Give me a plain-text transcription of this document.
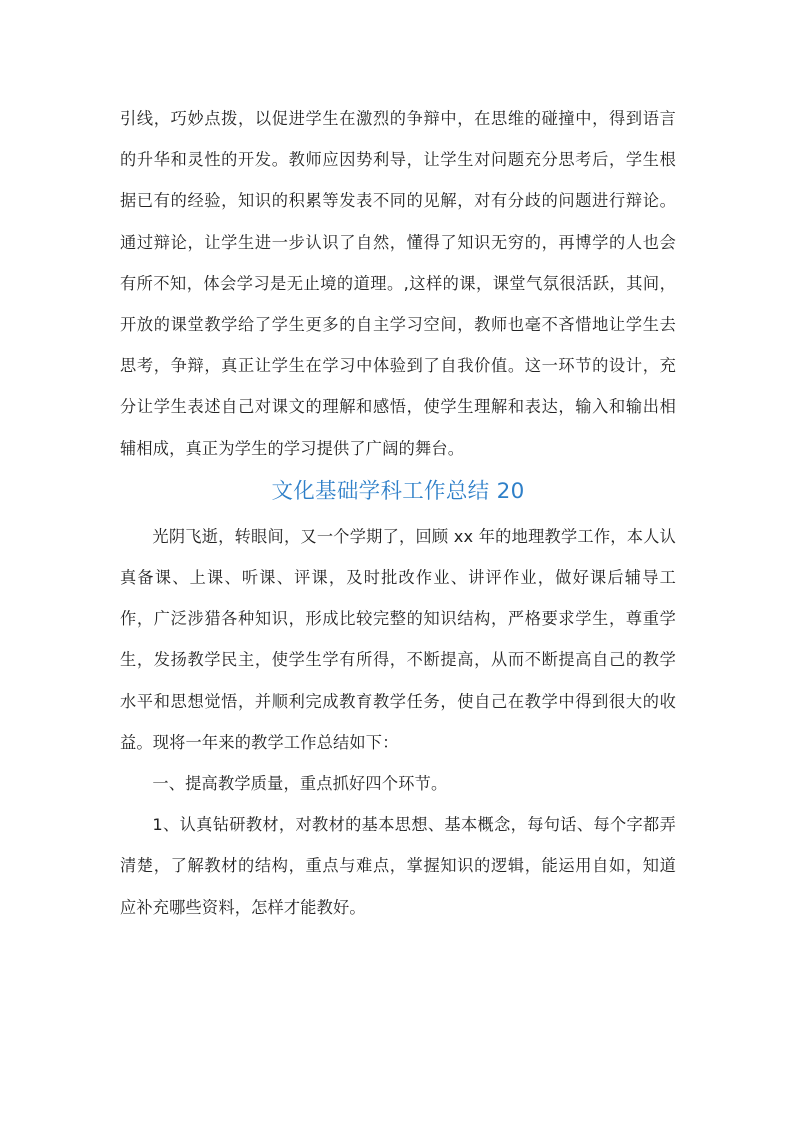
引线，巧妙点拨，以促进学生在激烈的争辩中，在思维的碰撞中，得到语言的升华和灵性的开发。教师应因势利导，让学生对问题充分思考后，学生根据已有的经验，知识的积累等发表不同的见解，对有分歧的问题进行辩论。通过辩论，让学生进一步认识了自然，懂得了知识无穷的，再博学的人也会有所不知，体会学习是无止境的道理。,这样的课，课堂气氛很活跃，其间，开放的课堂教学给了学生更多的自主学习空间，教师也毫不吝惜地让学生去思考，争辩，真正让学生在学习中体验到了自我价值。这一环节的设计，充分让学生表述自己对课文的理解和感悟，使学生理解和表达，输入和输出相辅相成，真正为学生的学习提供了广阔的舞台。

文化基础学科工作总结 20

光阴飞逝，转眼间，又一个学期了，回顾 xx 年的地理教学工作，本人认真备课、上课、听课、评课，及时批改作业、讲评作业，做好课后辅导工作，广泛涉猎各种知识，形成比较完整的知识结构，严格要求学生，尊重学生，发扬教学民主，使学生学有所得，不断提高，从而不断提高自己的教学水平和思想觉悟，并顺利完成教育教学任务，使自己在教学中得到很大的收益。现将一年来的教学工作总结如下：

一、提高教学质量，重点抓好四个环节。

1、认真钻研教材，对教材的基本思想、基本概念，每句话、每个字都弄清楚，了解教材的结构，重点与难点，掌握知识的逻辑，能运用自如，知道应补充哪些资料，怎样才能教好。
